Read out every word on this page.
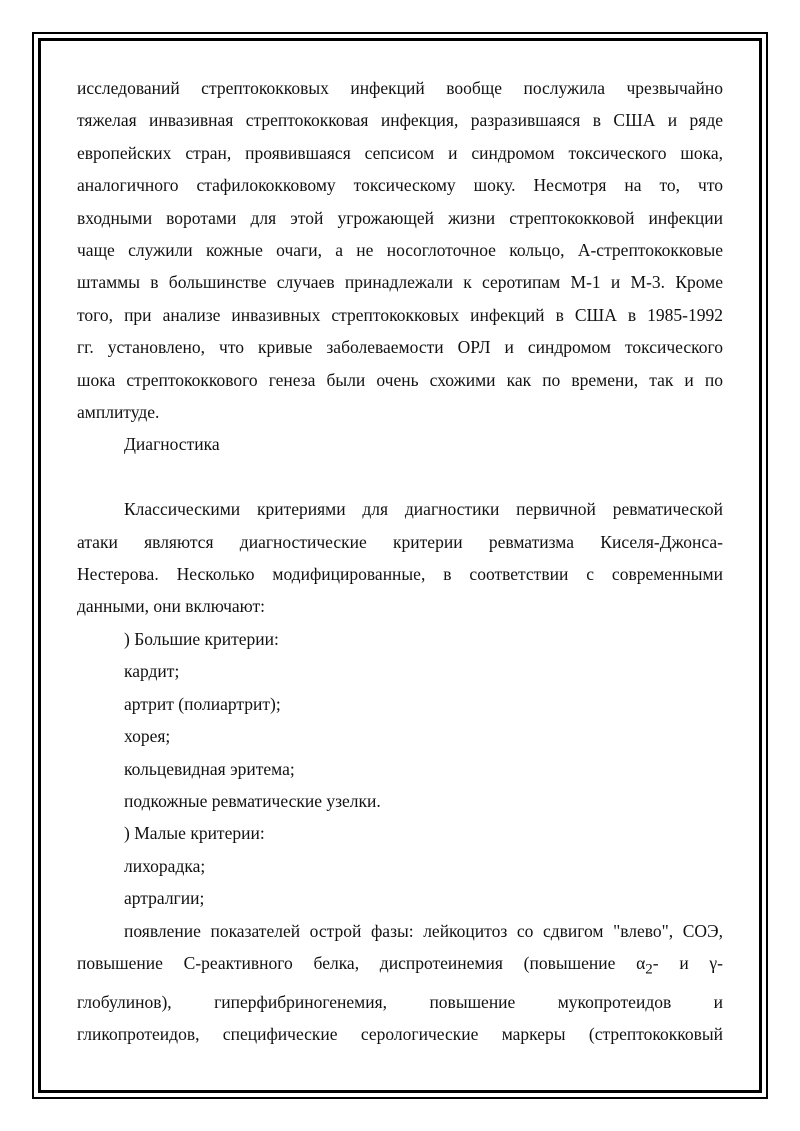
исследований стрептококковых инфекций вообще послужила чрезвычайно

тяжелая инвазивная стрептококковая инфекция, разразившаяся в США и ряде

европейских стран, проявившаяся сепсисом и синдромом токсического шока,

аналогичного стафилококковому токсическому шоку. Несмотря на то, что

входными воротами для этой угрожающей жизни стрептококковой инфекции

чаще служили кожные очаги, а не носоглоточное кольцо, А-стрептококковые

штаммы в большинстве случаев принадлежали к серотипам М-1 и М-3. Кроме

того, при анализе инвазивных стрептококковых инфекций в США в 1985-1992

гг. установлено, что кривые заболеваемости ОРЛ и синдромом токсического

шока стрептококкового генеза были очень схожими как по времени, так и по

амплитуде.

Диагностика

Классическими критериями для диагностики первичной ревматической

атаки являются диагностические критерии ревматизма Киселя-Джонса-

Нестерова. Несколько модифицированные, в соответствии с современными

данными, они включают:

) Большие критерии:

кардит;

артрит (полиартрит);

хорея;

кольцевидная эритема;

подкожные ревматические узелки.

) Малые критерии:

лихорадка;

артралгии;

появление показателей острой фазы: лейкоцитоз со сдвигом "влево", СОЭ,

повышение С-реактивного белка, диспротеинемия (повышение $\alpha_2-$ и γ-

глобулинов), гиперфибриногенемия, повышение мукопротеидов и

гликопротеидов, специфические серологические маркеры (стрептококковый
